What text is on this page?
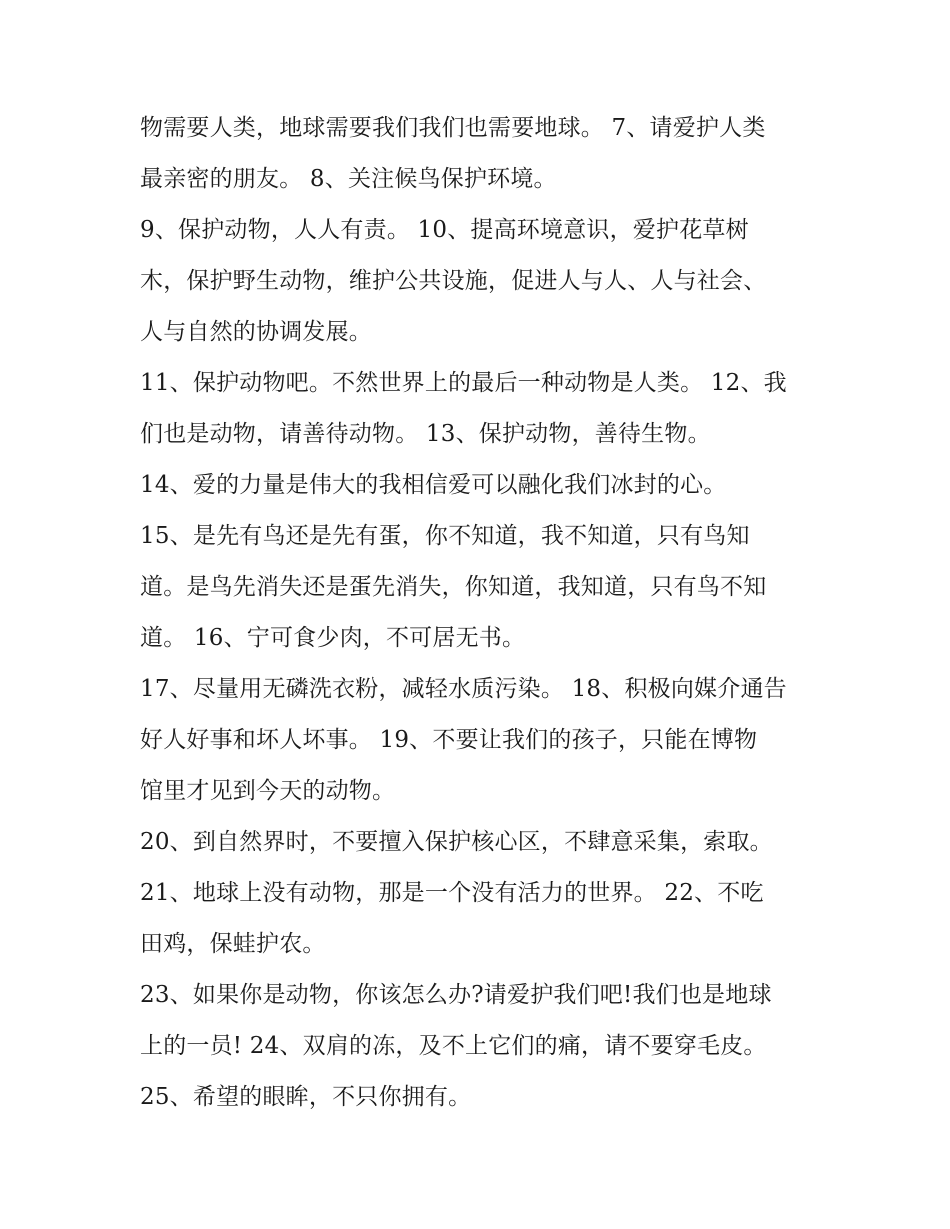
物需要人类，地球需要我们我们也需要地球。 7、请爱护人类
最亲密的朋友。 8、关注候鸟保护环境。
9、保护动物，人人有责。 10、提高环境意识，爱护花草树
木，保护野生动物，维护公共设施，促进人与人、人与社会、
人与自然的协调发展。
11、保护动物吧。不然世界上的最后一种动物是人类。 12、我
们也是动物，请善待动物。 13、保护动物，善待生物。
14、爱的力量是伟大的我相信爱可以融化我们冰封的心。
15、是先有鸟还是先有蛋，你不知道，我不知道，只有鸟知
道。是鸟先消失还是蛋先消失，你知道，我知道，只有鸟不知
道。 16、宁可食少肉，不可居无书。
17、尽量用无磷洗衣粉，减轻水质污染。 18、积极向媒介通告
好人好事和坏人坏事。 19、不要让我们的孩子，只能在博物
馆里才见到今天的动物。
20、到自然界时，不要擅入保护核心区，不肆意采集，索取。
21、地球上没有动物，那是一个没有活力的世界。 22、不吃
田鸡，保蛙护农。
23、如果你是动物，你该怎么办?请爱护我们吧!我们也是地球
上的一员! 24、双肩的冻，及不上它们的痛，请不要穿毛皮。
25、希望的眼眸，不只你拥有。
